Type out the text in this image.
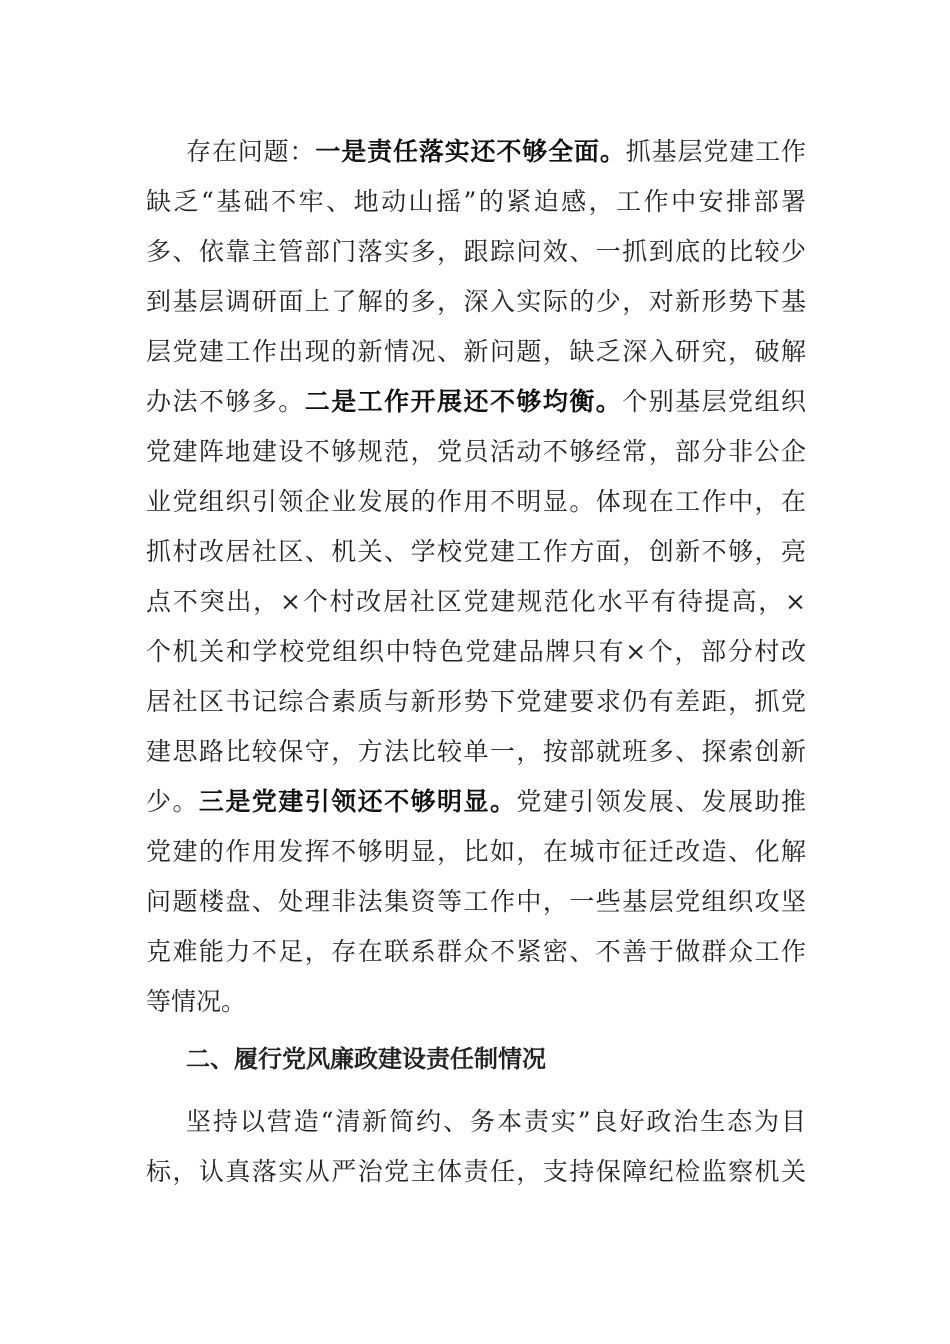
存在问题：一是责任落实还不够全面。抓基层党建工作
缺乏“基础不牢、地动山摇”的紧迫感，工作中安排部署
多、依靠主管部门落实多，跟踪问效、一抓到底的比较少
到基层调研面上了解的多，深入实际的少，对新形势下基
层党建工作出现的新情况、新问题，缺乏深入研究，破解
办法不够多。二是工作开展还不够均衡。个别基层党组织
党建阵地建设不够规范，党员活动不够经常，部分非公企
业党组织引领企业发展的作用不明显。体现在工作中，在
抓村改居社区、机关、学校党建工作方面，创新不够，亮
点不突出，×个村改居社区党建规范化水平有待提高，×
个机关和学校党组织中特色党建品牌只有×个，部分村改
居社区书记综合素质与新形势下党建要求仍有差距，抓党
建思路比较保守，方法比较单一，按部就班多、探索创新
少。三是党建引领还不够明显。党建引领发展、发展助推
党建的作用发挥不够明显，比如，在城市征迁改造、化解
问题楼盘、处理非法集资等工作中，一些基层党组织攻坚
克难能力不足，存在联系群众不紧密、不善于做群众工作
等情况。
二、履行党风廉政建设责任制情况
坚持以营造“清新简约、务本责实”良好政治生态为目
标，认真落实从严治党主体责任，支持保障纪检监察机关
